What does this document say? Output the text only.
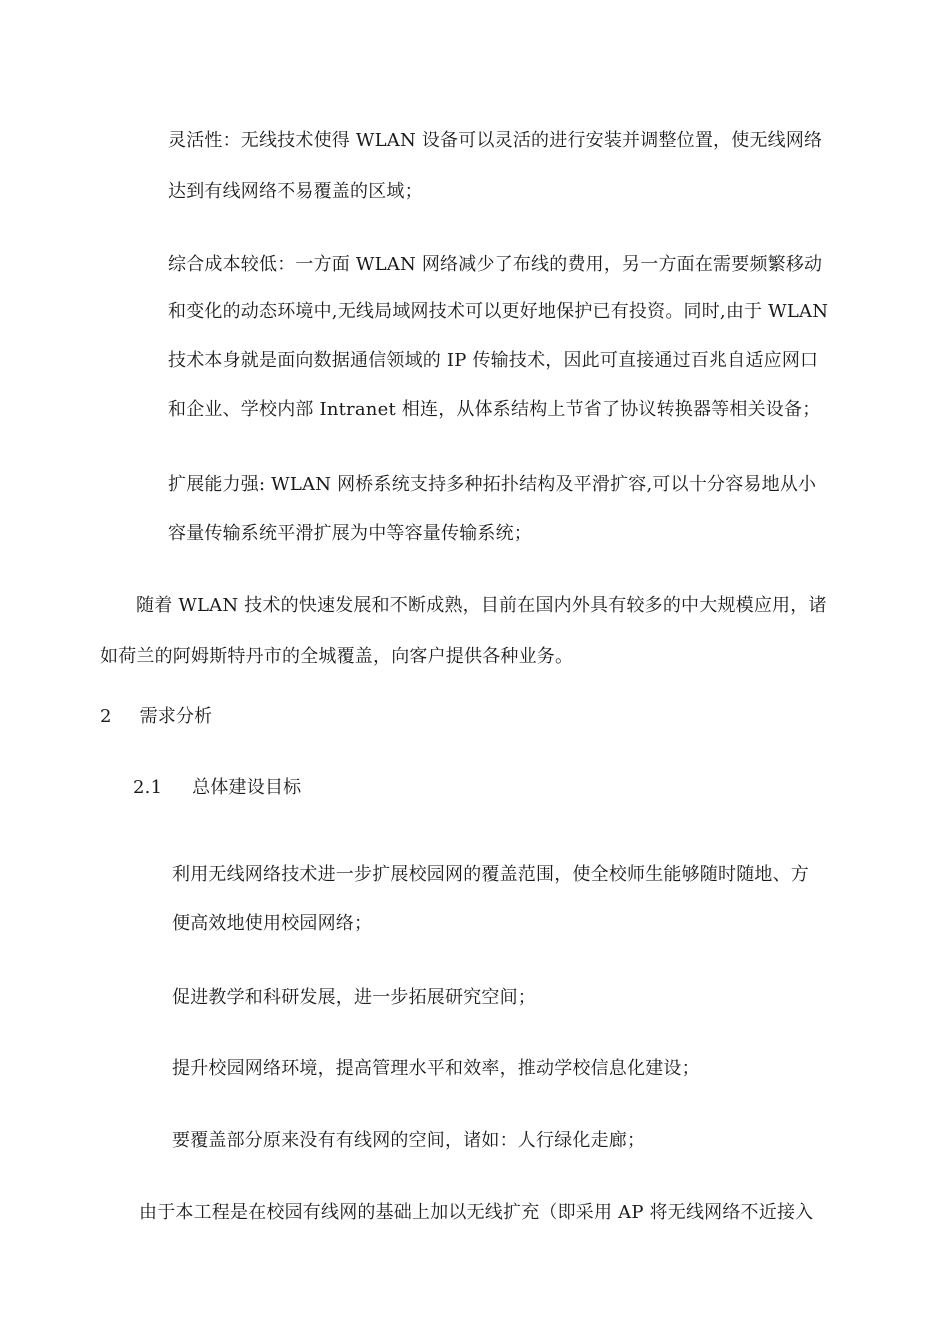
灵活性：无线技术使得 WLAN 设备可以灵活的进行安装并调整位置，使无线网络
达到有线网络不易覆盖的区域；
综合成本较低：一方面 WLAN 网络减少了布线的费用，另一方面在需要频繁移动
和变化的动态环境中,无线局域网技术可以更好地保护已有投资。同时,由于 WLAN
技术本身就是面向数据通信领域的 IP 传输技术，因此可直接通过百兆自适应网口
和企业、学校内部 Intranet 相连，从体系结构上节省了协议转换器等相关设备；
扩展能力强: WLAN 网桥系统支持多种拓扑结构及平滑扩容,可以十分容易地从小
容量传输系统平滑扩展为中等容量传输系统；
随着 WLAN 技术的快速发展和不断成熟，目前在国内外具有较多的中大规模应用，诸
如荷兰的阿姆斯特丹市的全城覆盖，向客户提供各种业务。
2 需求分析
2.1 总体建设目标
利用无线网络技术进一步扩展校园网的覆盖范围，使全校师生能够随时随地、方
便高效地使用校园网络；
促进教学和科研发展，进一步拓展研究空间；
提升校园网络环境，提高管理水平和效率，推动学校信息化建设；
要覆盖部分原来没有有线网的空间，诸如：人行绿化走廊；
由于本工程是在校园有线网的基础上加以无线扩充（即采用 AP 将无线网络不近接入
